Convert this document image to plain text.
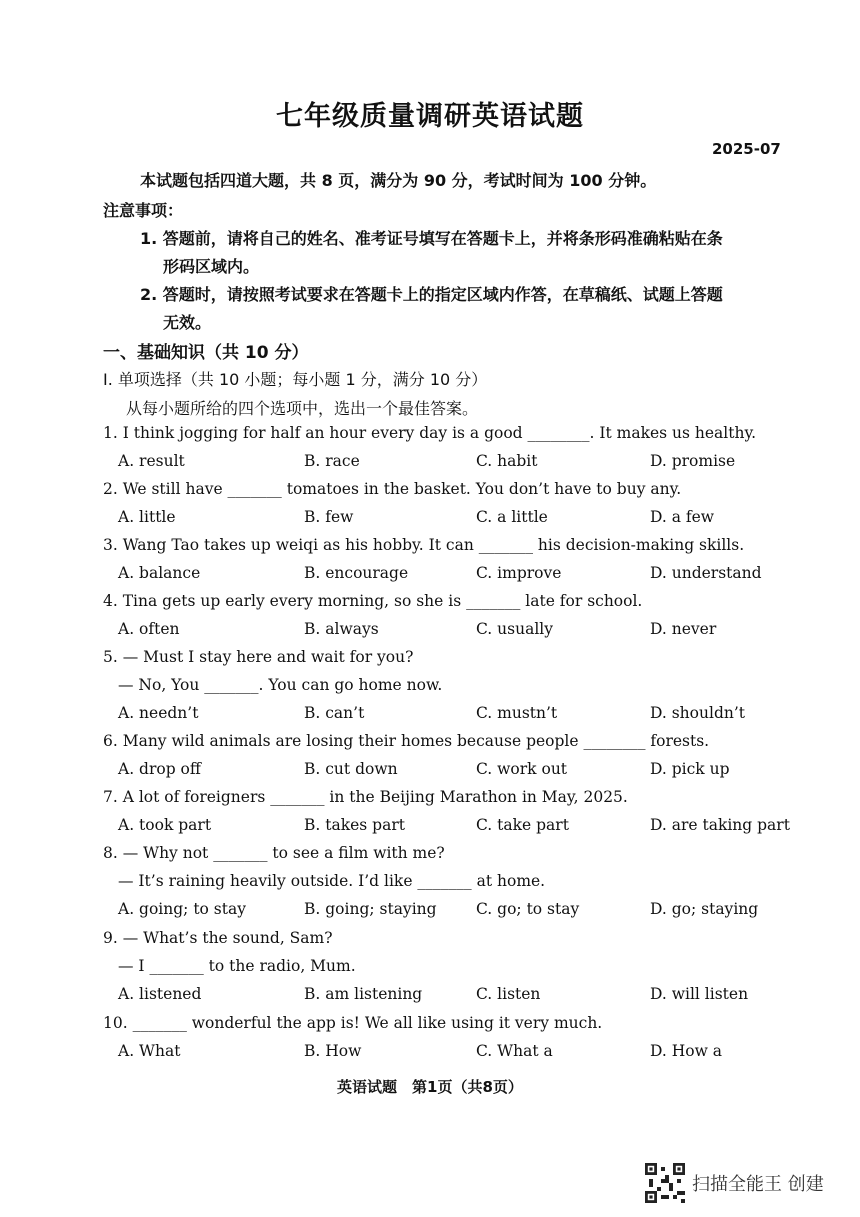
七年级质量调研英语试题
2025-07
本试题包括四道大题，共 8 页，满分为 90 分，考试时间为 100 分钟。
注意事项：
1. 答题前，请将自己的姓名、准考证号填写在答题卡上，并将条形码准确粘贴在条
形码区域内。
2. 答题时，请按照考试要求在答题卡上的指定区域内作答，在草稿纸、试题上答题
无效。
一、基础知识（共 10 分）
Ⅰ. 单项选择（共 10 小题；每小题 1 分，满分 10 分）
从每小题所给的四个选项中，选出一个最佳答案。
1. I think jogging for half an hour every day is a good ________. It makes us healthy.
A. result	B. race	C. habit	D. promise
2. We still have _______ tomatoes in the basket. You don’t have to buy any.
A. little	B. few	C. a little	D. a few
3. Wang Tao takes up weiqi as his hobby. It can _______ his decision-making skills.
A. balance	B. encourage	C. improve	D. understand
4. Tina gets up early every morning, so she is _______ late for school.
A. often	B. always	C. usually	D. never
5. — Must I stay here and wait for you?
— No, You _______. You can go home now.
A. needn’t	B. can’t	C. mustn’t	D. shouldn’t
6. Many wild animals are losing their homes because people ________ forests.
A. drop off	B. cut down	C. work out	D. pick up
7. A lot of foreigners _______ in the Beijing Marathon in May, 2025.
A. took part	B. takes part	C. take part	D. are taking part
8. — Why not _______ to see a film with me?
— It’s raining heavily outside. I’d like _______ at home.
A. going; to stay	B. going; staying	C. go; to stay	D. go; staying
9. — What’s the sound, Sam?
— I _______ to the radio, Mum.
A. listened	B. am listening	C. listen	D. will listen
10. _______ wonderful the app is! We all like using it very much.
A. What	B. How	C. What a	D. How a
英语试题　第1页（共8页）
扫描全能王 创建
